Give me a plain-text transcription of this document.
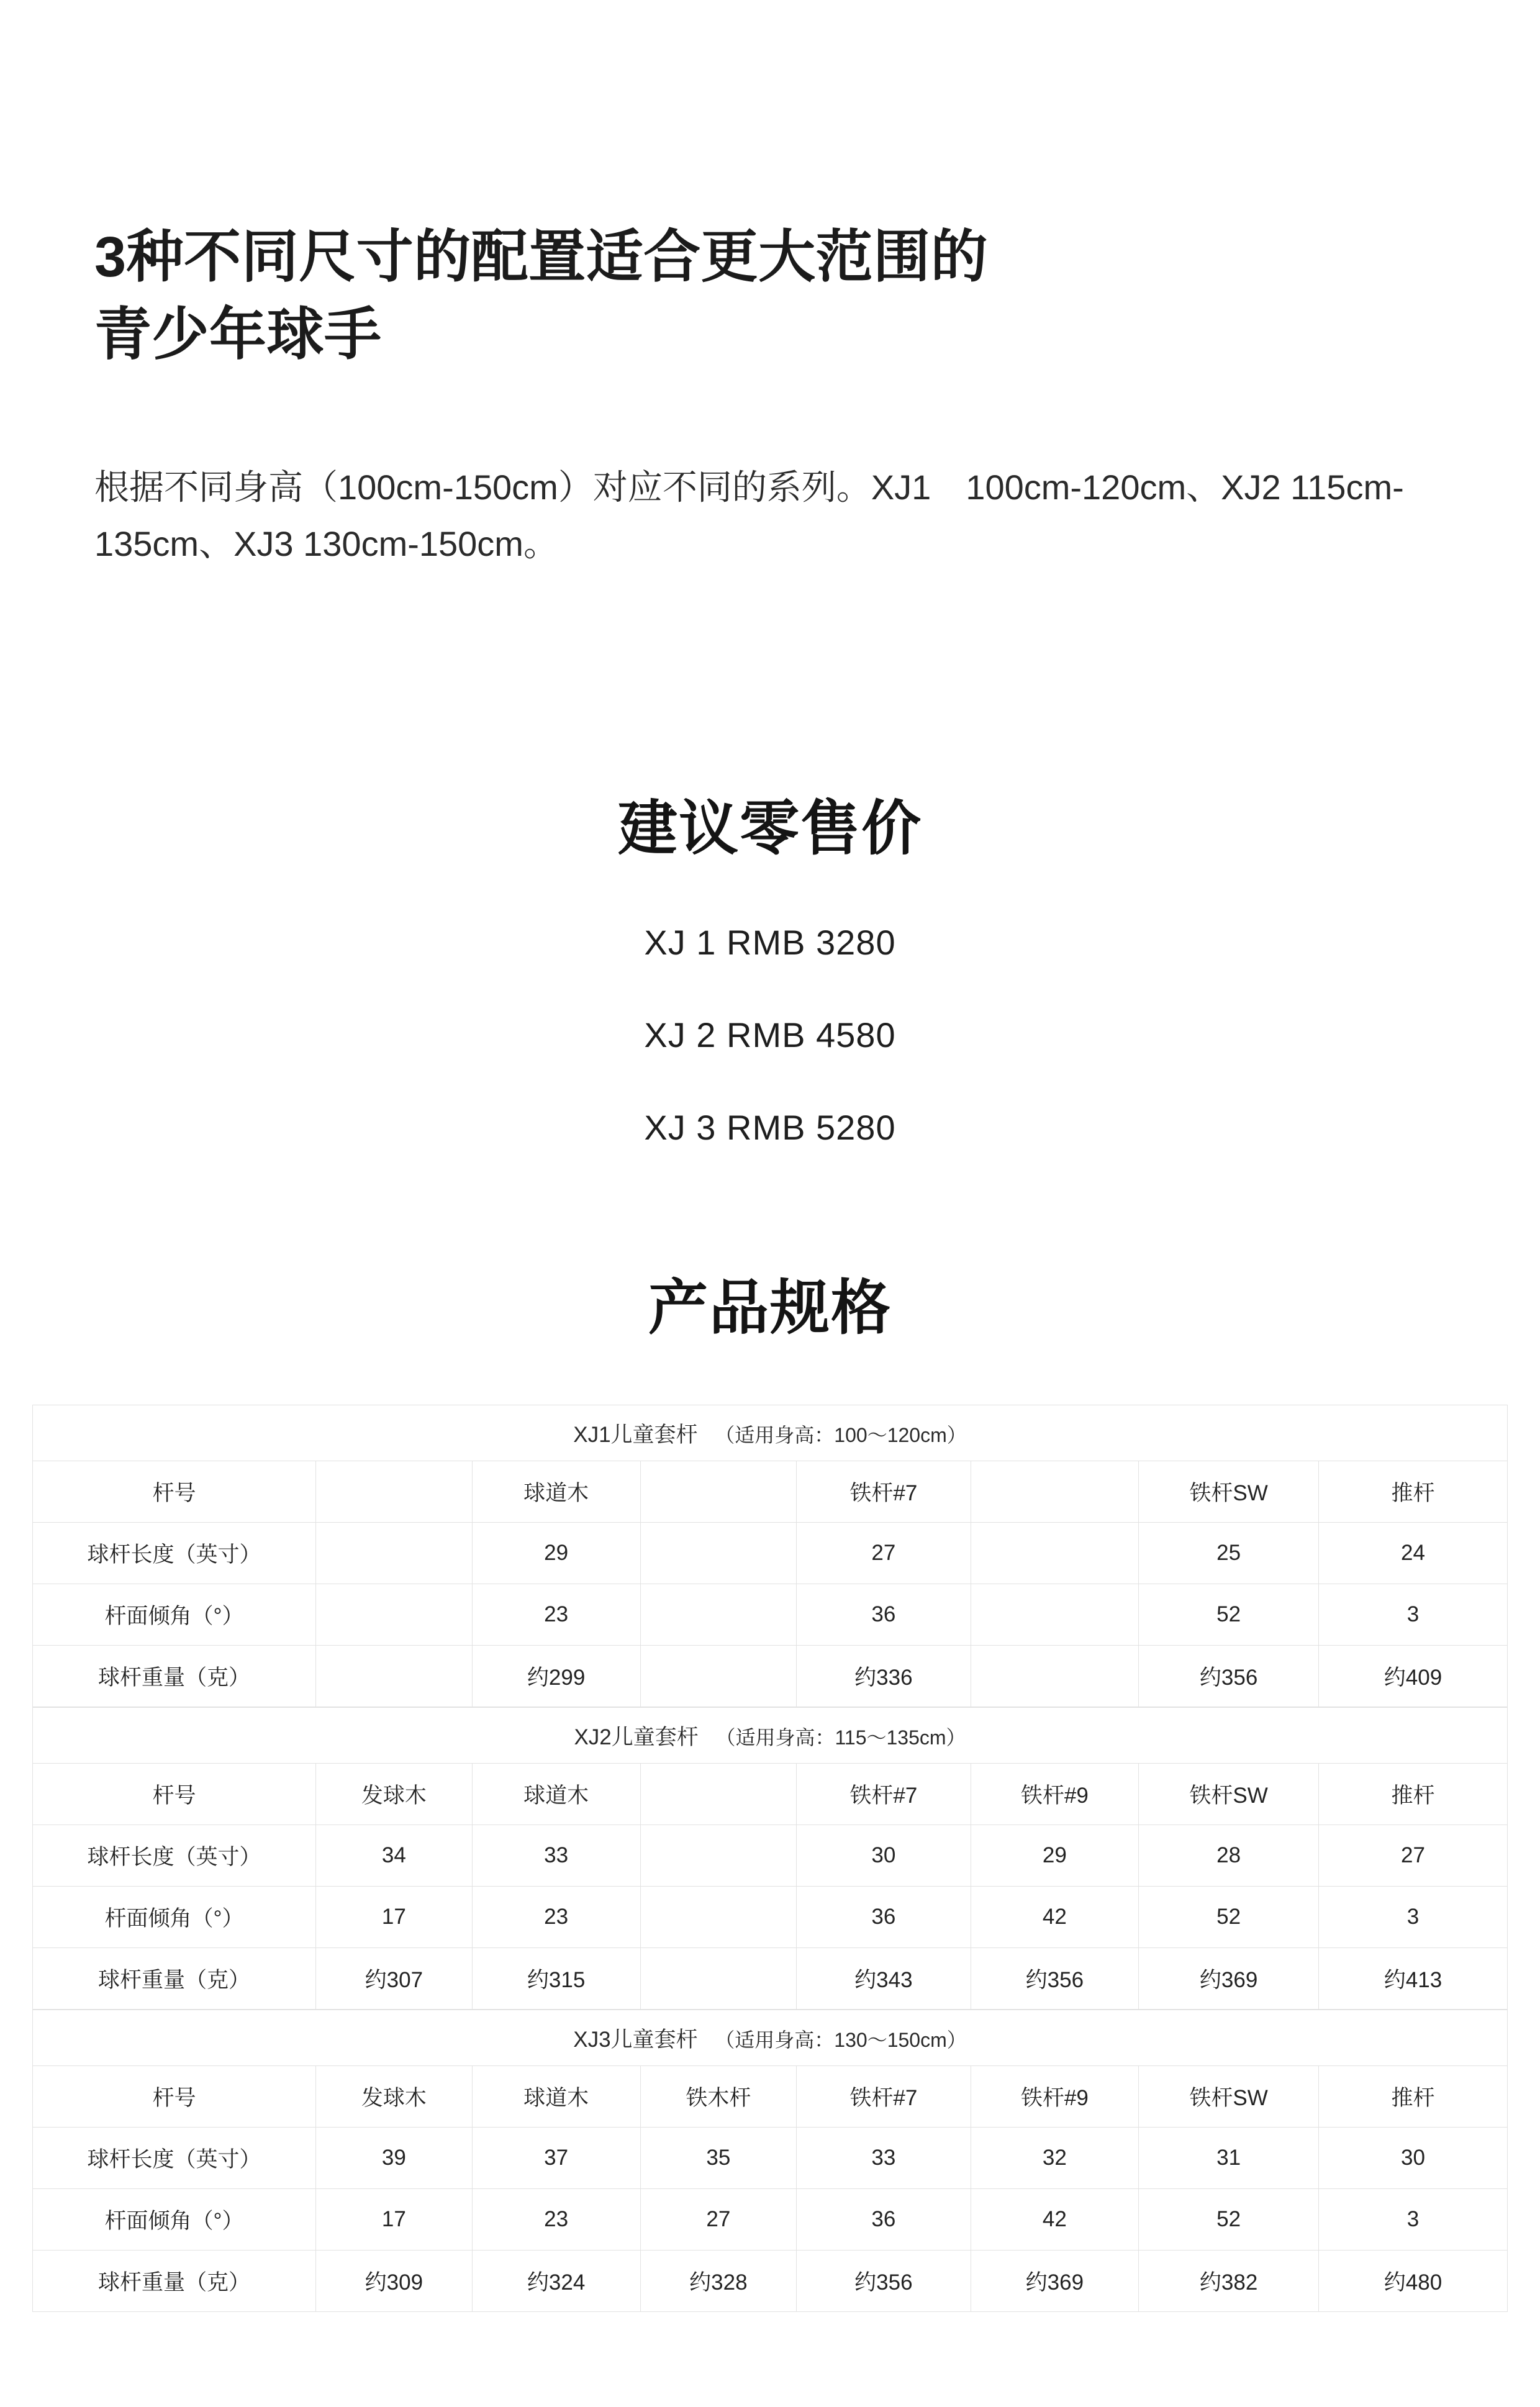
3种不同尺寸的配置适合更大范围的
青少年球手
根据不同身高（100cm-150cm）对应不同的系列。XJ1　100cm-120cm、XJ2 115cm-135cm、XJ3 130cm-150cm。
建议零售价
XJ 1 RMB 3280
XJ 2 RMB 4580
XJ 3 RMB 5280
产品规格
XJ1儿童套杆 （适用身高：100～120cm）							
杆号		球道木		铁杆#7		铁杆SW	推杆
球杆长度（英寸）		29		27		25	24
杆面倾角（°）		23		36		52	3
球杆重量（克）		约299		约336		约356	约409
XJ2儿童套杆 （适用身高：115～135cm）							
杆号	发球木	球道木		铁杆#7	铁杆#9	铁杆SW	推杆
球杆长度（英寸）	34	33		30	29	28	27
杆面倾角（°）	17	23		36	42	52	3
球杆重量（克）	约307	约315		约343	约356	约369	约413
XJ3儿童套杆 （适用身高：130～150cm）							
杆号	发球木	球道木	铁木杆	铁杆#7	铁杆#9	铁杆SW	推杆
球杆长度（英寸）	39	37	35	33	32	31	30
杆面倾角（°）	17	23	27	36	42	52	3
球杆重量（克）	约309	约324	约328	约356	约369	约382	约480
